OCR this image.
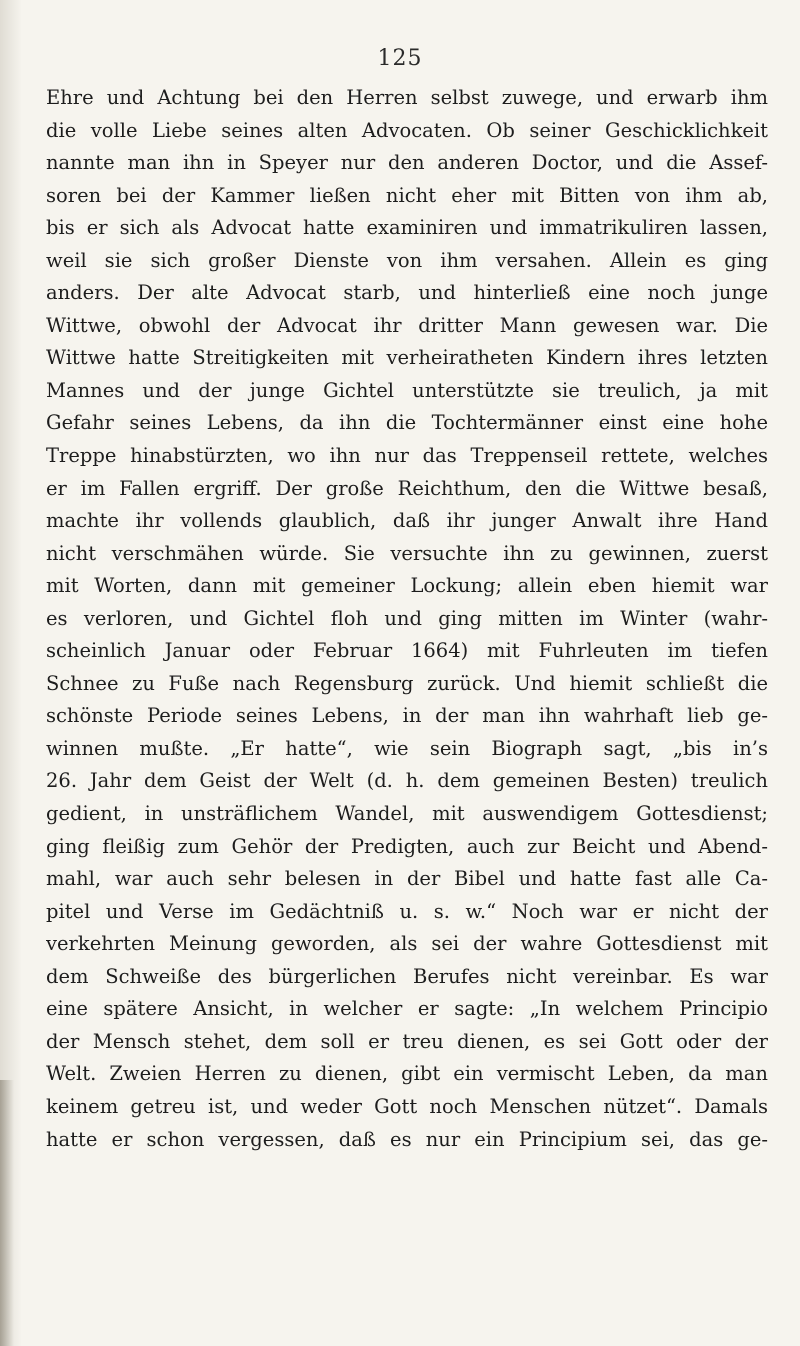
125
Ehre und Achtung bei den Herren selbst zuwege, und erwarb ihm
die volle Liebe seines alten Advocaten. Ob seiner Geschicklichkeit
nannte man ihn in Speyer nur den anderen Doctor, und die Assef-
soren bei der Kammer ließen nicht eher mit Bitten von ihm ab,
bis er sich als Advocat hatte examiniren und immatrikuliren lassen,
weil sie sich großer Dienste von ihm versahen. Allein es ging
anders. Der alte Advocat starb, und hinterließ eine noch junge
Wittwe, obwohl der Advocat ihr dritter Mann gewesen war. Die
Wittwe hatte Streitigkeiten mit verheiratheten Kindern ihres letzten
Mannes und der junge Gichtel unterstützte sie treulich, ja mit
Gefahr seines Lebens, da ihn die Tochtermänner einst eine hohe
Treppe hinabstürzten, wo ihn nur das Treppenseil rettete, welches
er im Fallen ergriff. Der große Reichthum, den die Wittwe besaß,
machte ihr vollends glaublich, daß ihr junger Anwalt ihre Hand
nicht verschmähen würde. Sie versuchte ihn zu gewinnen, zuerst
mit Worten, dann mit gemeiner Lockung; allein eben hiemit war
es verloren, und Gichtel floh und ging mitten im Winter (wahr-
scheinlich Januar oder Februar 1664) mit Fuhrleuten im tiefen
Schnee zu Fuße nach Regensburg zurück. Und hiemit schließt die
schönste Periode seines Lebens, in der man ihn wahrhaft lieb ge-
winnen mußte. „Er hatte“, wie sein Biograph sagt, „bis in’s
26. Jahr dem Geist der Welt (d. h. dem gemeinen Besten) treulich
gedient, in unsträflichem Wandel, mit auswendigem Gottesdienst;
ging fleißig zum Gehör der Predigten, auch zur Beicht und Abend-
mahl, war auch sehr belesen in der Bibel und hatte fast alle Ca-
pitel und Verse im Gedächtniß u. s. w.“ Noch war er nicht der
verkehrten Meinung geworden, als sei der wahre Gottesdienst mit
dem Schweiße des bürgerlichen Berufes nicht vereinbar. Es war
eine spätere Ansicht, in welcher er sagte: „In welchem Principio
der Mensch stehet, dem soll er treu dienen, es sei Gott oder der
Welt. Zweien Herren zu dienen, gibt ein vermischt Leben, da man
keinem getreu ist, und weder Gott noch Menschen nützet“. Damals
hatte er schon vergessen, daß es nur ein Principium sei, das ge-
